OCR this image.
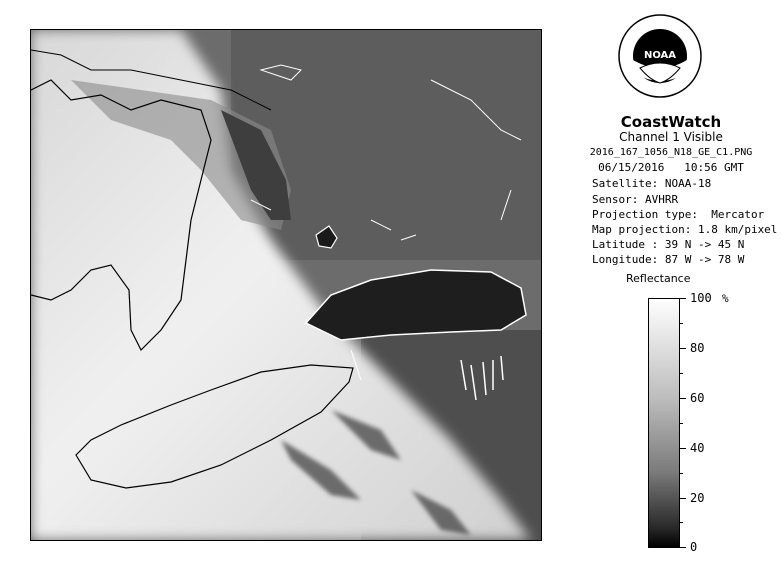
NOAA
CoastWatch
Channel 1 Visible
2016_167_1056_N18_GE_C1.PNG
06/15/2016   10:56 GMT
Satellite: NOAA-18
Sensor: AVHRR
Projection type:  Mercator
Map projection: 1.8 km/pixel
Latitude : 39 N -> 45 N
Longitude: 87 W -> 78 W
Reflectance
%
100
80
60
40
20
0
